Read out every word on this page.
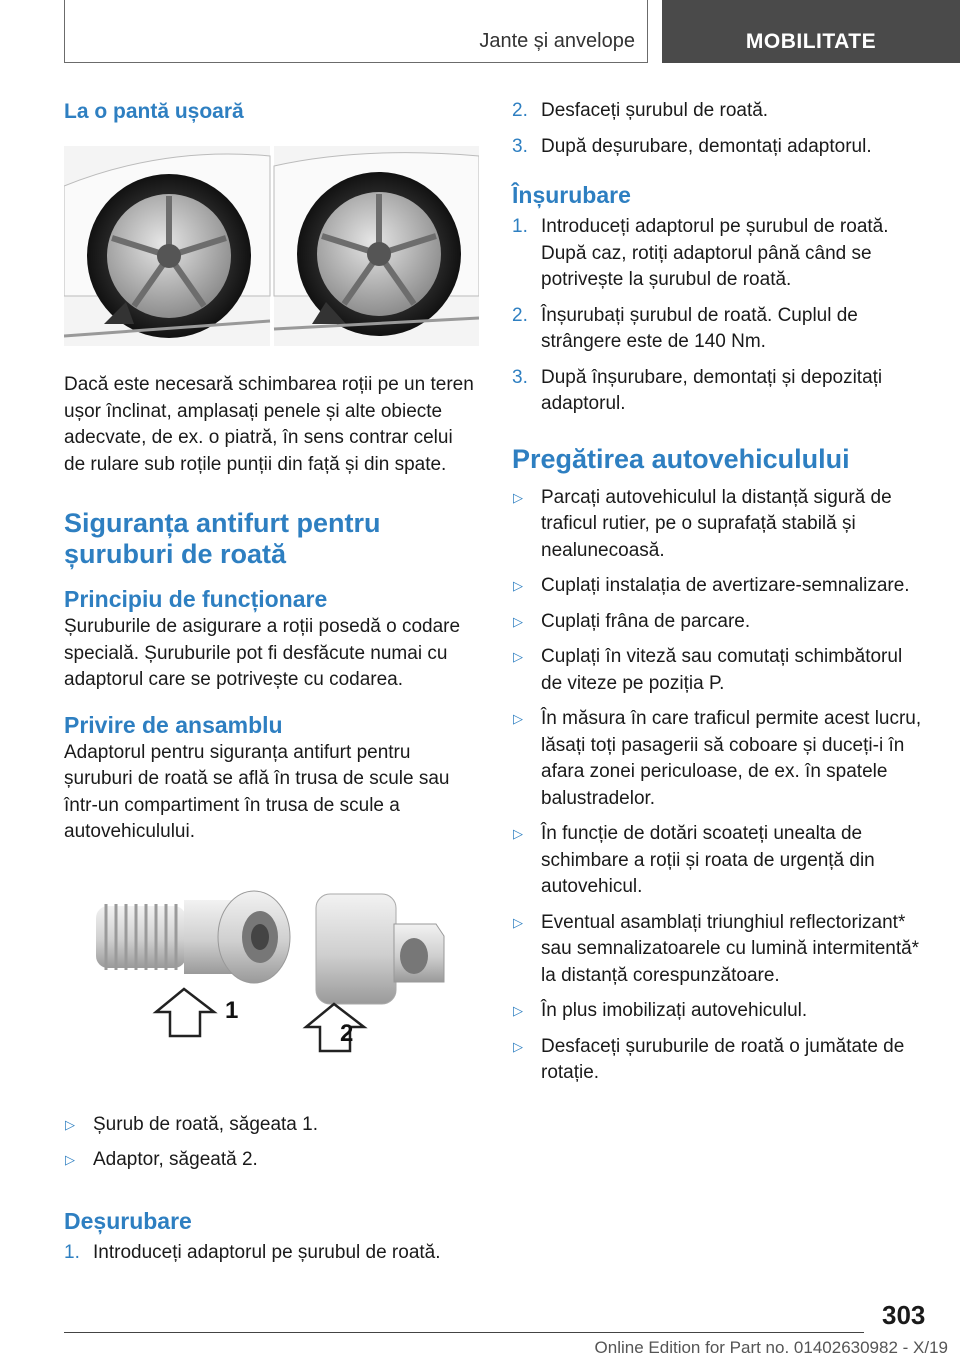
Jante și anvelope	MOBILITATE
La o pantă ușoară

Dacă este necesară schimbarea roții pe un teren ușor înclinat, amplasați penele și alte obiecte adecvate, de ex. o piatră, în sens contrar celui de rulare sub roțile punții din față și din spate.

Siguranța antifurt pentru
șuruburi de roată
Principiu de funcționare

Șuruburile de asigurare a roții posedă o codare specială. Șuruburile pot fi desfăcute numai cu adaptorul care se potrivește cu codarea.

Privire de ansamblu

Adaptorul pentru siguranța antifurt pentru șuruburi de roată se află în trusa de scule sau într-un compartiment în trusa de scule a autovehiculului.

1
2
▷ Șurub de roată, săgeata 1.
▷ Adaptor, săgeată 2.
Deșurubare
1. Introduceți adaptorul pe șurubul de roată.
2. Desfaceți șurubul de roată.
3. După deșurubare, demontați adaptorul.
Înșurubare
1. Introduceți adaptorul pe șurubul de roată. După caz, rotiți adaptorul până când se potrivește la șurubul de roată.
2. Înșurubați șurubul de roată. Cuplul de strângere este de 140 Nm.
3. După înșurubare, demontați și depozitați adaptorul.
Pregătirea autovehiculului
▷ Parcați autovehiculul la distanță sigură de traficul rutier, pe o suprafață stabilă și nealunecoasă.
▷ Cuplați instalația de avertizare-semnalizare.
▷ Cuplați frâna de parcare.
▷ Cuplați în viteză sau comutați schimbătorul de viteze pe poziția P.
▷ În măsura în care traficul permite acest lucru, lăsați toți pasagerii să coboare și duceți-i în afara zonei periculoase, de ex. în spatele balustradelor.
▷ În funcție de dotări scoateți unealta de schimbare a roții și roata de urgență din autovehicul.
▷ Eventual asamblați triunghiul reflectorizant* sau semnalizatoarele cu lumină intermitentă* la distanță corespunzătoare.
▷ În plus imobilizați autovehiculul.
▷ Desfaceți șuruburile de roată o jumătate de rotație.
303
Online Edition for Part no. 01402630982 - X/19
